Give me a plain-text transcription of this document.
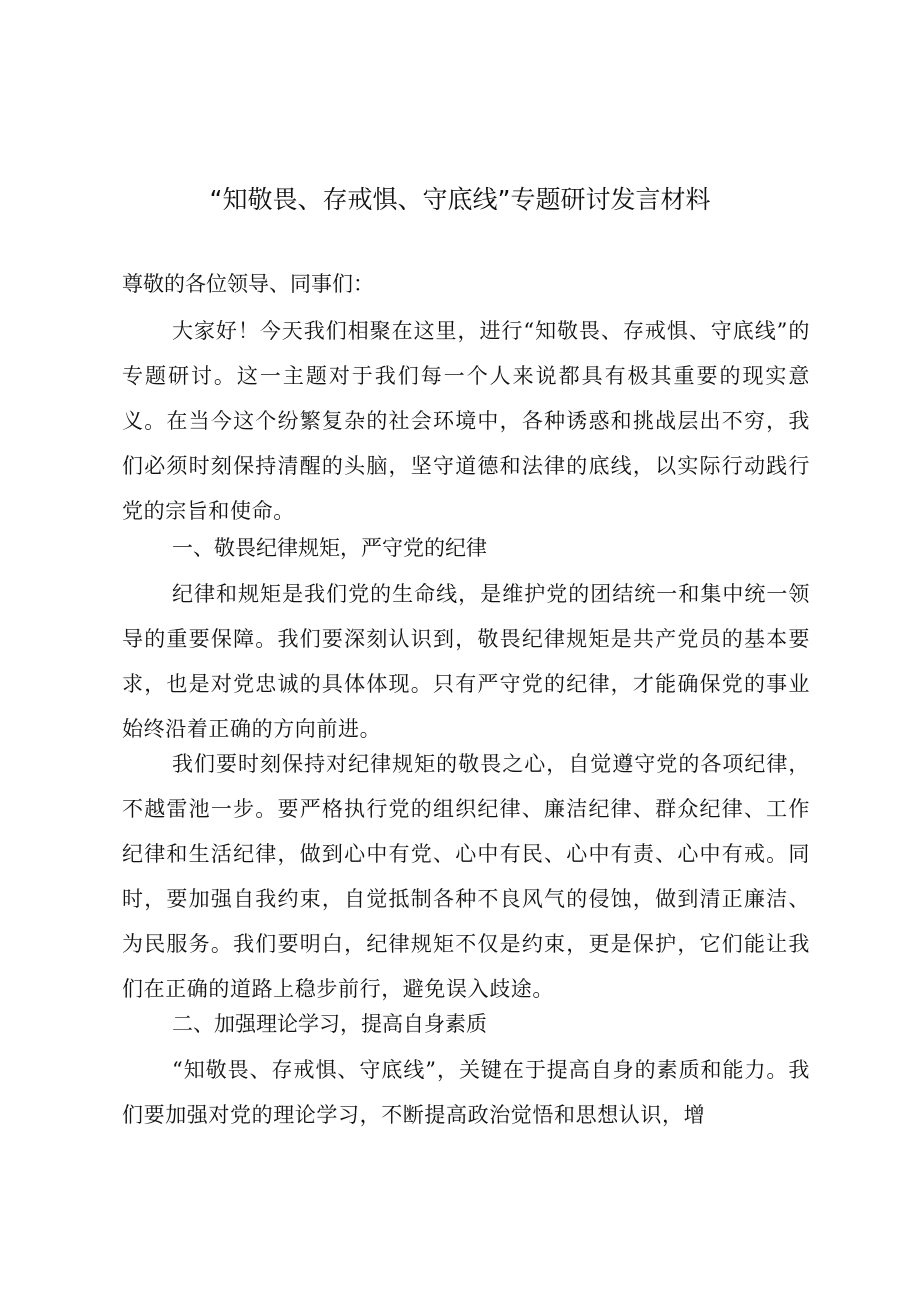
“知敬畏、存戒惧、守底线”专题研讨发言材料

尊敬的各位领导、同事们：

大家好！今天我们相聚在这里，进行“知敬畏、存戒惧、守底线”的专题研讨。这一主题对于我们每一个人来说都具有极其重要的现实意义。在当今这个纷繁复杂的社会环境中，各种诱惑和挑战层出不穷，我们必须时刻保持清醒的头脑，坚守道德和法律的底线，以实际行动践行党的宗旨和使命。

一、敬畏纪律规矩，严守党的纪律

纪律和规矩是我们党的生命线，是维护党的团结统一和集中统一领导的重要保障。我们要深刻认识到，敬畏纪律规矩是共产党员的基本要求，也是对党忠诚的具体体现。只有严守党的纪律，才能确保党的事业始终沿着正确的方向前进。

我们要时刻保持对纪律规矩的敬畏之心，自觉遵守党的各项纪律，不越雷池一步。要严格执行党的组织纪律、廉洁纪律、群众纪律、工作纪律和生活纪律，做到心中有党、心中有民、心中有责、心中有戒。同时，要加强自我约束，自觉抵制各种不良风气的侵蚀，做到清正廉洁、为民服务。我们要明白，纪律规矩不仅是约束，更是保护，它们能让我们在正确的道路上稳步前行，避免误入歧途。

二、加强理论学习，提高自身素质

“知敬畏、存戒惧、守底线”，关键在于提高自身的素质和能力。我们要加强对党的理论学习，不断提高政治觉悟和思想认识，增
